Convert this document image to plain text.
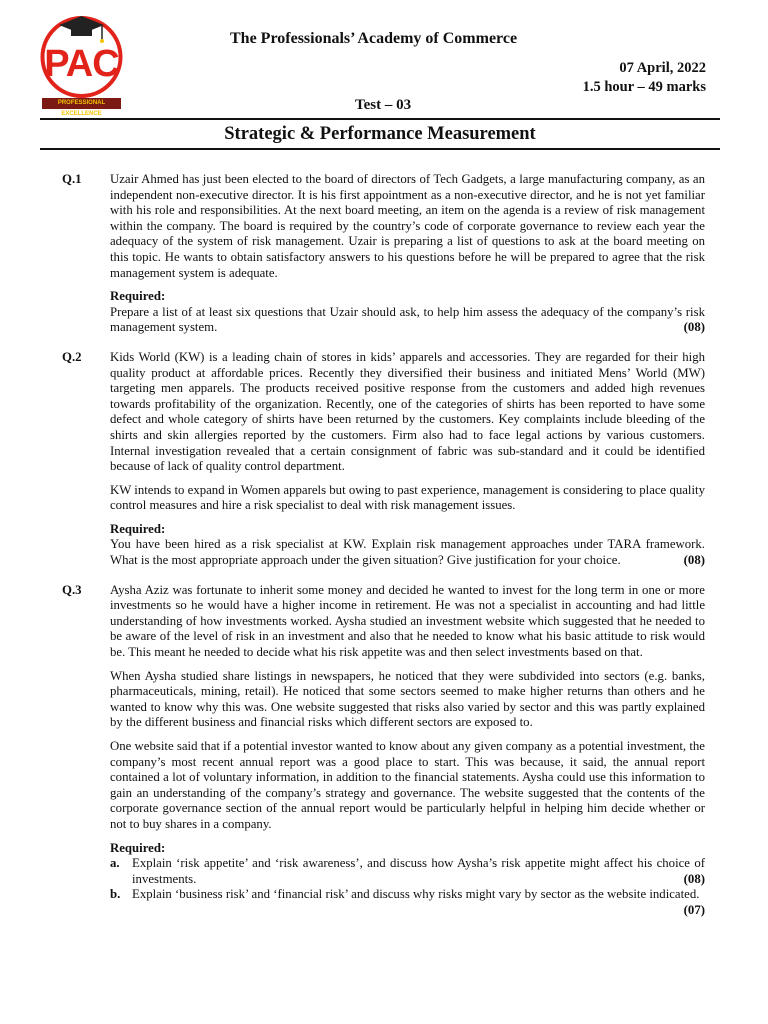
PAC
PROFESSIONAL EXCELLENCE
The Professionals’ Academy of Commerce
07 April, 2022
1.5 hour – 49 marks
Test – 03
Strategic & Performance Measurement
Q.1	Uzair Ahmed has just been elected to the board of directors of Tech Gadgets, a large manufacturing company, as an independent non-executive director. It is his first appointment as a non-executive director, and he is not yet familiar with his role and responsibilities. At the next board meeting, an item on the agenda is a review of risk management within the company. The board is required by the country’s code of corporate governance to review each year the adequacy of the system of risk management. Uzair is preparing a list of questions to ask at the board meeting on this topic. He wants to obtain satisfactory answers to his questions before he will be prepared to agree that the risk management system is adequate.

Required:
Prepare a list of at least six questions that Uzair should ask, to help him assess the adequacy of the company’s risk management system.	(08)
Q.2	Kids World (KW) is a leading chain of stores in kids’ apparels and accessories. They are regarded for their high quality product at affordable prices. Recently they diversified their business and initiated Mens’ World (MW) targeting men apparels. The products received positive response from the customers and added high revenues towards profitability of the organization. Recently, one of the categories of shirts has been reported to have some defect and whole category of shirts have been returned by the customers. Key complaints include bleeding of the shirts and skin allergies reported by the customers. Firm also had to face legal actions by various customers. Internal investigation revealed that a certain consignment of fabric was sub-standard and it could be identified because of lack of quality control department.

KW intends to expand in Women apparels but owing to past experience, management is considering to place quality control measures and hire a risk specialist to deal with risk management issues.

Required:
You have been hired as a risk specialist at KW. Explain risk management approaches under TARA framework. What is the most appropriate approach under the given situation? Give justification for your choice.	(08)
Q.3	Aysha Aziz was fortunate to inherit some money and decided he wanted to invest for the long term in one or more investments so he would have a higher income in retirement. He was not a specialist in accounting and had little understanding of how investments worked. Aysha studied an investment website which suggested that he needed to be aware of the level of risk in an investment and also that he needed to know what his basic attitude to risk would be. This meant he needed to decide what his risk appetite was and then select investments based on that.

When Aysha studied share listings in newspapers, he noticed that they were subdivided into sectors (e.g. banks, pharmaceuticals, mining, retail). He noticed that some sectors seemed to make higher returns than others and he wanted to know why this was. One website suggested that risks also varied by sector and this was partly explained by the different business and financial risks which different sectors are exposed to.

One website said that if a potential investor wanted to know about any given company as a potential investment, the company’s most recent annual report was a good place to start. This was because, it said, the annual report contained a lot of voluntary information, in addition to the financial statements. Aysha could use this information to gain an understanding of the company’s strategy and governance. The website suggested that the contents of the corporate governance section of the annual report would be particularly helpful in helping him decide whether or not to buy shares in a company.

Required:
a. Explain ‘risk appetite’ and ‘risk awareness’, and discuss how Aysha’s risk appetite might affect his choice of investments.	(08)
b. Explain ‘business risk’ and ‘financial risk’ and discuss why risks might vary by sector as the website indicated.
(07)
